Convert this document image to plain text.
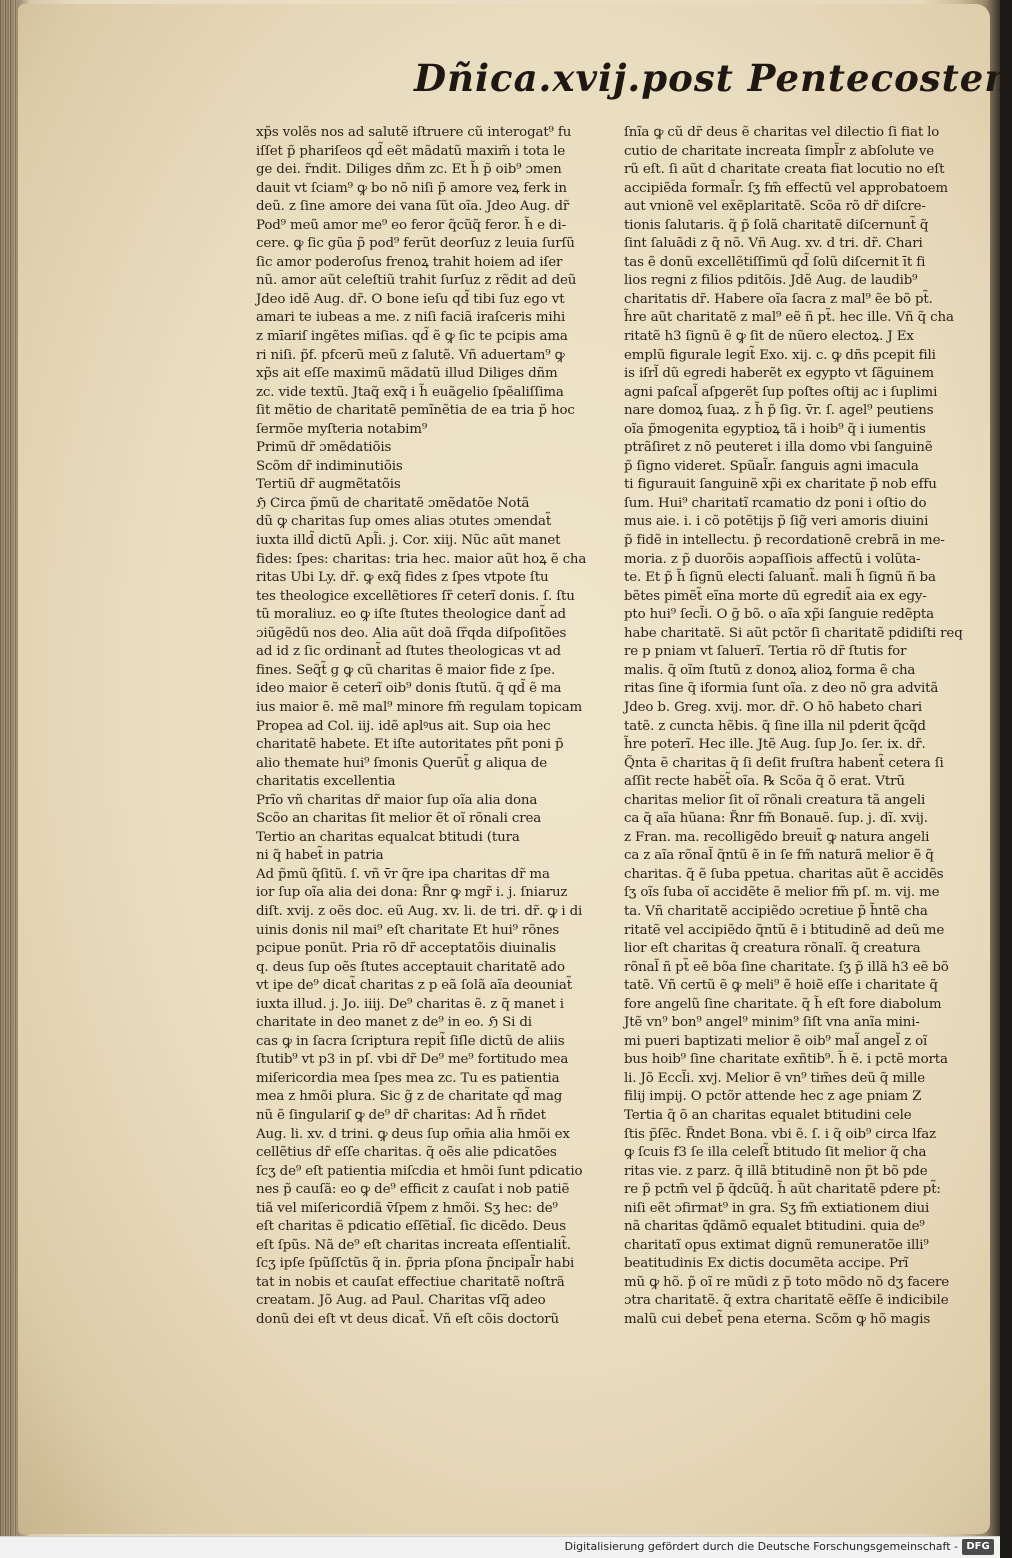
Dñica.xvij.post Pentecosten
xp̃s volẽs nos ad salutẽ iſtruere cũ interogat⁹ fu
iſſet p̃ phariſeos qd̃ eẽt mãdatũ maxim̃ i tota le
ge dei. r̃ndit. Diliges dñm zc. Et h̃ p̃ oib⁹ ɔmen
dauit vt ſciam⁹ ꝙ bo nõ niſi p̃ amore veꝝ ferk in
deũ. z ſine amore dei vana ſũt oĩa. Jdeo Aug. dr̃
Pod⁹ meũ amor me⁹ eo feror q̃cũq̃ feror. h̃ e di-
cere. ꝙ ſic gũa p̃ pod⁹ ferũt deorſuz z leuia ſurſũ
ſic amor poderoſus frenoꝝ trahit hoiem ad iſer
nũ. amor aũt celeſtiũ trahit ſurſuz z rẽdit ad deũ
Jdeo idẽ Aug. dr̃. O bone ieſu qd̃ tibi ſuz ego vt
amari te iubeas a me. z niſi faciã iraſceris mihi
z mīariſ ingẽtes miſias. qd̃ ẽ ꝙ ſic te pcipis ama
ri niſi. p̃f. pfcerũ meũ z ſalutẽ. Vñ aduertam⁹ ꝙ
xp̃s ait eſſe maximũ mãdatũ illud Diliges dñm
zc. vide textũ. Jtaq̃ exq̃ i h̃ euãgelio ſpẽaliſſima
ſit mẽtio de charitatẽ pemĩnẽtia de ea tria p̃ hoc
ſermõe myſteria notabim⁹
Primũ dr̃ ɔmẽdatiõis
Scõm dr̃ indiminutiõis
Tertiũ dr̃ augmẽtatõis
ℌ Circa p̃mũ de charitatẽ ɔmẽdatõe Notã
dũ ꝙ charitas ſup omes alias ɔtutes ɔmendat̃
iuxta illd̃ dictũ Apl̃i. j. Cor. xiij. Nũc aũt manet
fides: ſpes: charitas: tria hec. maior aũt hoꝝ ẽ cha
ritas Ubi Ly. dr̃. ꝙ exq̃ fides z ſpes vtpote ſtu
tes theologice excellẽtiores ſr̃ ceterĩ donis. ſ. ſtu
tũ moraliuz. eo ꝙ iſte ſtutes theologice dant̃ ad
ɔiũgẽdũ nos deo. Alia aũt doã ſr̃qda diſpoſitões
ad id z ſic ordinant̃ ad ſtutes theologicas vt ad
fines. Seq̃t̃ g ꝙ cũ charitas ẽ maior fide z ſpe.
ideo maior ẽ ceterĩ oib⁹ donis ſtutũ. q̃ qd̃ ẽ ma
ius maior ẽ. mẽ mal⁹ minore fm̃ regulam topicam
Propea ad Col. iij. idẽ aplꝰus ait. Sup oia hec
charitatẽ habete. Et iſte autoritates pñt poni p̃
alio themate hui⁹ ſmonis Querũt̃ g aliqua de
charitatis excellentia
Prĩo vñ charitas dr̃ maior ſup oĩa alia dona
Scõo an charitas ſit melior ẽt oĩ rõnali crea
Tertio an charitas equalcat btitudi (tura
ni q̃ habet̃ in patria
Ad p̃mũ q̃ſitũ. ſ. vñ v̄r q̃re ipa charitas dr̃ ma
ior ſup oĩa alia dei dona: R̃nr ꝙ mgr̃ i. j. ſniaruz
diſt. xvij. z oẽs doc. eũ Aug. xv. li. de tri. dr̃. ꝙ i di
uinis donis nil mai⁹ eſt charitate Et hui⁹ rõnes
pcipue ponũt. Pria rõ dr̃ acceptatõis diuinalis
q. deus ſup oẽs ſtutes acceptauit charitatẽ ado
vt ipe de⁹ dicat̃ charitas z p eã ſolã aĩa deouniat̃
iuxta illud. j. Jo. iiij. De⁹ charitas ẽ. z q̃ manet i
charitate in deo manet z de⁹ in eo. ℌ Si di
cas ꝙ in ſacra ſcriptura repit̃ ſiſle dictũ de aliis
ſtutib⁹ vt p3 in pſ. vbi dr̃ De⁹ me⁹ fortitudo mea
miſericordia mea ſpes mea zc. Tu es patientia
mea z hmõi plura. Sic g̃ z de charitate qd̃ mag
nũ ẽ ſingulariſ ꝙ de⁹ dr̃ charitas: Ad h̃ rñdet
Aug. li. xv. d trini. ꝙ deus ſup om̃ia alia hmõi ex
cellẽtius dr̃ eſſe charitas. q̃ oẽs alie pdicatões
ſcʒ de⁹ eſt patientia miſcdia et hmõi ſunt pdicatio
nes p̃ cauſã: eo ꝙ de⁹ efficit z cauſat i nob patiẽ
tiã vel miſericordiã v̄ſpem z hmõi. Sʒ hec: de⁹
eſt charitas ẽ pdicatio eſſẽtial̃. ſic dicẽdo. Deus
eſt ſpũs. Nã de⁹ eſt charitas increata eſſentialit̃.
ſcʒ ipſe ſpũſſctũs q̃ in. p̃pria pſona p̃ncipal̃r habi
tat in nobis et cauſat effectiue charitatẽ noſtrã
creatam. Jõ Aug. ad Paul. Charitas vſq̃ adeo
donũ dei eſt vt deus dicat̃. Vñ eſt cõis doctorũ
ſnĩa ꝙ cũ dr̃ deus ẽ charitas vel dilectio ſi fiat lo
cutio de charitate increata ſimpl̃r z abſolute ve
rũ eſt. ſi aũt d charitate creata fiat locutio no eſt
accipiẽda formal̃r. ſʒ fm̃ effectũ vel approbatoem
aut vnionẽ vel exẽplaritatẽ. Scõa rõ dr̃ diſcre-
tionis ſalutaris. q̃ p̃ ſolã charitatẽ diſcernunt̃ q̃
ſint ſaluãdi z q̃ nõ. Vñ Aug. xv. d tri. dr̃. Chari
tas ẽ donũ excellẽtiſſimũ qd̃ ſolũ diſcernit īt fi
lios regni z filios pditõis. Jdẽ Aug. de laudib⁹
charitatis dr̃. Habere oĩa ſacra z mal⁹ ẽe bõ pt̃.
h̃re aũt charitatẽ z mal⁹ eẽ ñ pt̃. hec ille. Vñ q̃ cha
ritatẽ h3 ſignũ ẽ ꝙ ſit de nũero electoꝝ. J Ex
emplũ figurale legit̃ Exo. xij. c. ꝙ dñs pcepit fili
is iſrl̃ dũ egredi haberẽt ex egypto vt ſãguinem
agni paſcal̃ aſpgerẽt ſup poſtes oſtij ac i ſuplimi
nare domoꝝ ſuaꝝ. z h̃ p̃ ſig. v̄r. ſ. agel⁹ peutiens
oĩa p̃mogenita egyptioꝝ tã i hoib⁹ q̃ i iumentis
ptrãſiret z nõ peuteret i illa domo vbi ſanguinẽ
p̃ ſigno videret. Spũal̃r. ſanguis agni imacula
ti figurauit ſanguinẽ xp̃i ex charitate p̃ nob effu
ſum. Hui⁹ charitatĩ rcamatio dz poni i oſtio do
mus aie. i. i cõ potẽtijs p̃ ſig̃ veri amoris diuini
p̃ fidẽ in intellectu. p̃ recordationẽ crebrã in me-
moria. z p̃ duorõis aɔpaſſiois affectũ i volũta-
te. Et p̃ h̃ ſignũ electi ſaluant̃. mali h̃ ſignũ ñ ba
bẽtes pimẽt̃ eĩna morte dũ egredit̃ aia ex egy-
pto hui⁹ ſecl̃i. O g̃ bõ. o aĩa xp̃i ſanguie redẽpta
habe charitatẽ. Si aũt pctõr ſi charitatẽ pdidiſti req
re p pniam vt ſaluerĩ. Tertia rõ dr̃ ſtutis for
malis. q̃ oĩm ſtutũ z donoꝝ alioꝝ forma ẽ cha
ritas ſine q̃ iformia ſunt oĩa. z deo nõ gra advitã
Jdeo b. Greg. xvij. mor. dr̃. O hõ habeto chari
tatẽ. z cuncta hẽbis. q̃ ſine illa nil pderit q̃cq̃d
h̃re poterĩ. Hec ille. Jtẽ Aug. ſup Jo. ſer. ix. dr̃.
Q̃nta ẽ charitas q̃ ſi deſit fruſtra habent̃ cetera ſi
aſſit recte habẽt̃ oĩa. ℞ Scõa q̃ õ erat. Vtrũ
charitas melior ſit oĩ rõnali creatura tã angeli
ca q̃ aĩa hũana: R̃nr fm̃ Bonauẽ. ſup. j. dĩ. xvij.
z Fran. ma. recolligẽdo breuit̃ ꝙ natura angeli
ca z aĩa rõnal̃ q̃ntũ ẽ in ſe fm̃ naturã melior ẽ q̃
charitas. q̃ ẽ ſuba ppetua. charitas aũt ẽ accidẽs
ſʒ oĩs ſuba oĩ accidẽte ẽ melior fm̃ pſ. m. vij. me
ta. Vñ charitatẽ accipiẽdo ɔcretiue p̃ h̃ntẽ cha
ritatẽ vel accipiẽdo q̃ntũ ẽ i btitudinẽ ad deũ me
lior eſt charitas q̃ creatura rõnalĩ. q̃ creatura
rõnal̃ ñ pt̃ eẽ bõa ſine charitate. ſʒ p̃ illã h3 eẽ bõ
tatẽ. Vñ certũ ẽ ꝙ meli⁹ ẽ hoiẽ eſſe i charitate q̃
fore angelũ ſine charitate. q̃ h̃ eſt fore diabolum
Jtẽ vn⁹ bon⁹ angel⁹ minim⁹ ſiſt vna anĩa mini-
mi pueri baptizati melior ẽ oib⁹ mal̃ angel̃ z oĩ
bus hoib⁹ ſine charitate exñtib⁹. h̃ ẽ. i pctẽ morta
li. Jõ Eccl̃i. xvj. Melior ẽ vn⁹ tim̃es deũ q̃ mille
filij impij. O pctõr attende hec z age pniam Z
Tertia q̃ õ an charitas equalet btitudini cele
ſtis p̃ſẽc. R̃ndet Bona. vbi ẽ. ſ. i q̃ oib⁹ circa lfaz
ꝙ ſcuis f3 ſe illa celeſt̃ btitudo ſit melior q̃ cha
ritas vie. z parz. q̃ illã btitudinẽ non p̃t bõ pde
re p̃ pctm̃ vel p̃ q̃dcũq̃. h̃ aũt charitatẽ pdere pt̃:
niſi eẽt ɔfirmat⁹ in gra. Sʒ fm̃ extiationem diui
nã charitas q̃dãmõ equalet btitudini. quia de⁹
charitatĩ opus extimat dignũ remuneratõe illi⁹
beatitudinis Ex dictis documẽta accipe. Prĩ
mũ ꝙ hõ. p̃ oĩ re mũdi z p̃ toto mõdo nõ dʒ facere
ɔtra charitatẽ. q̃ extra charitatẽ eẽſſe ẽ indicibile
malũ cui debet̃ pena eterna. Scõm ꝙ hõ magis
Digitalisierung gefördert durch die Deutsche Forschungsgemeinschaft - DFG
